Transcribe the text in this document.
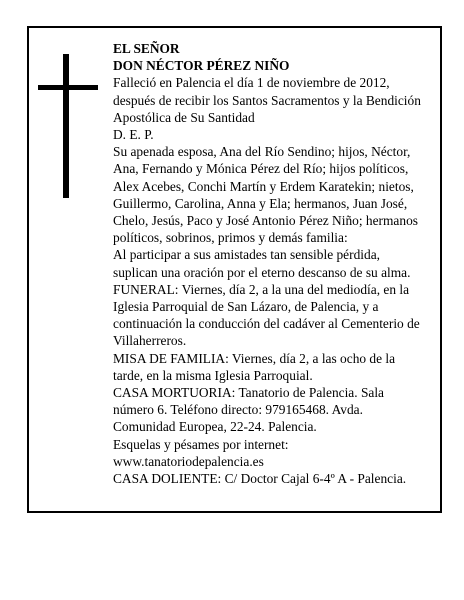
EL SEÑOR

DON NÉCTOR PÉREZ NIÑO

Falleció en Palencia el día 1 de noviembre de 2012, después de recibir los Santos Sacramentos y la Bendición Apostólica de Su Santidad

D. E. P.

Su apenada esposa, Ana del Río Sendino; hijos, Néctor, Ana, Fernando y Mónica Pérez del Río; hijos políticos, Alex Acebes, Conchi Martín y Erdem Karatekin; nietos, Guillermo, Carolina, Anna y Ela; hermanos, Juan José, Chelo, Jesús, Paco y José Antonio Pérez Niño; hermanos políticos, sobrinos, primos y demás familia:

Al participar a sus amistades tan sensible pérdida, suplican una oración por el eterno descanso de su alma.

FUNERAL: Viernes, día 2, a la una del mediodía, en la Iglesia Parroquial de San Lázaro, de Palencia, y a continuación la conducción del cadáver al Cementerio de Villaherreros.

MISA DE FAMILIA: Viernes, día 2, a las ocho de la tarde, en la misma Iglesia Parroquial.

CASA MORTUORIA: Tanatorio de Palencia. Sala número 6. Teléfono directo: 979165468. Avda. Comunidad Europea, 22-24. Palencia.

Esquelas y pésames por internet:

www.tanatoriodepalencia.es

CASA DOLIENTE: C/ Doctor Cajal 6-4º A - Palencia.
